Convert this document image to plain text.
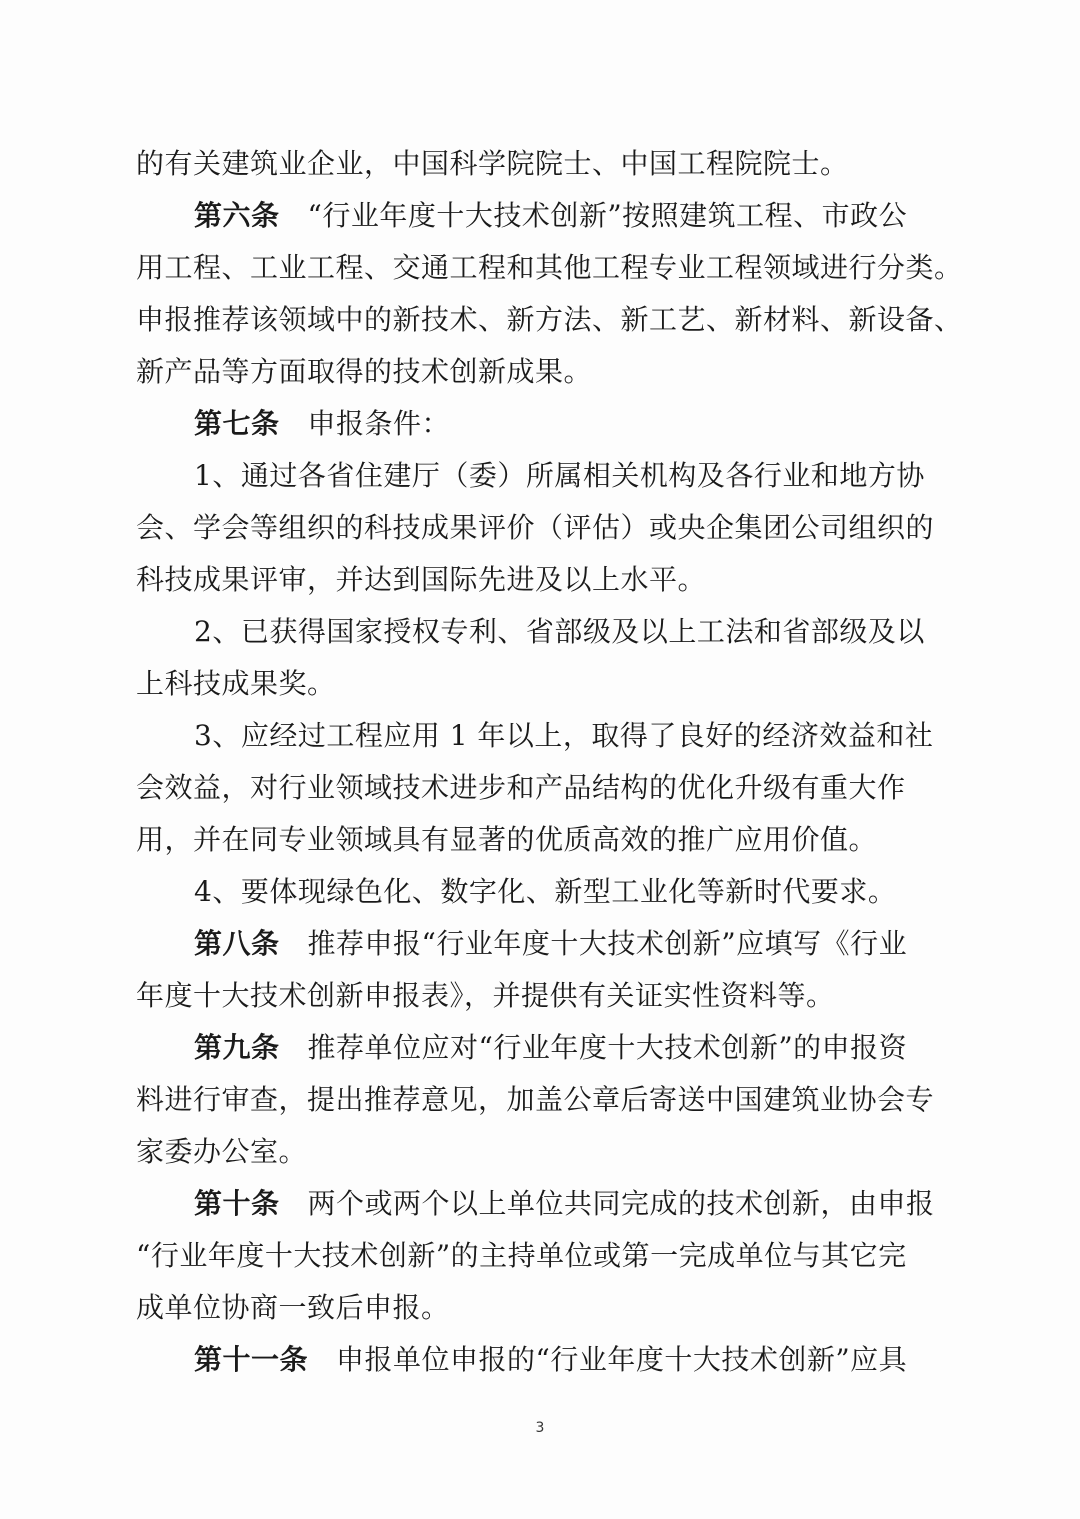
的有关建筑业企业，中国科学院院士、中国工程院院士。

第六条 “行业年度十大技术创新”按照建筑工程、市政公
用工程、工业工程、交通工程和其他工程专业工程领域进行分类。
申报推荐该领域中的新技术、新方法、新工艺、新材料、新设备、
新产品等方面取得的技术创新成果。

第七条 申报条件：

1、通过各省住建厅（委）所属相关机构及各行业和地方协
会、学会等组织的科技成果评价（评估）或央企集团公司组织的
科技成果评审，并达到国际先进及以上水平。

2、已获得国家授权专利、省部级及以上工法和省部级及以
上科技成果奖。

3、应经过工程应用 1 年以上，取得了良好的经济效益和社
会效益，对行业领域技术进步和产品结构的优化升级有重大作
用，并在同专业领域具有显著的优质高效的推广应用价值。

4、要体现绿色化、数字化、新型工业化等新时代要求。

第八条 推荐申报“行业年度十大技术创新”应填写《行业
年度十大技术创新申报表》，并提供有关证实性资料等。

第九条 推荐单位应对“行业年度十大技术创新”的申报资
料进行审查，提出推荐意见，加盖公章后寄送中国建筑业协会专
家委办公室。

第十条 两个或两个以上单位共同完成的技术创新，由申报
“行业年度十大技术创新”的主持单位或第一完成单位与其它完
成单位协商一致后申报。

第十一条 申报单位申报的“行业年度十大技术创新”应具

3
